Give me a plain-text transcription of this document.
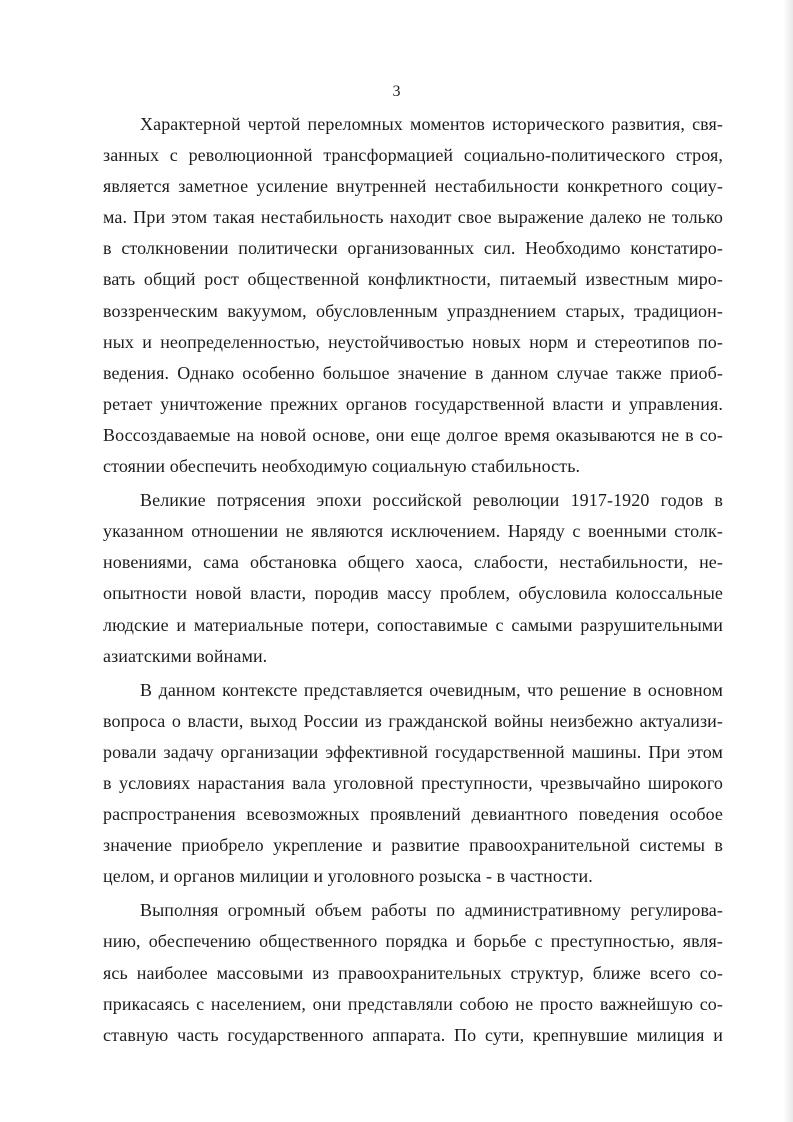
3
Характерной чертой переломных моментов исторического развития, свя-
занных с революционной трансформацией социально-политического строя,
является заметное усиление внутренней нестабильности конкретного социу-
ма. При этом такая нестабильность находит свое выражение далеко не только
в столкновении политически организованных сил. Необходимо констатиро-
вать общий рост общественной конфликтности, питаемый известным миро-
воззренческим вакуумом, обусловленным упразднением старых, традицион-
ных и неопределенностью, неустойчивостью новых норм и стереотипов по-
ведения. Однако особенно большое значение в данном случае также приоб-
ретает уничтожение прежних органов государственной власти и управления.
Воссоздаваемые на новой основе, они еще долгое время оказываются не в со-
стоянии обеспечить необходимую социальную стабильность.
Великие потрясения эпохи российской революции 1917-1920 годов в
указанном отношении не являются исключением. Наряду с военными столк-
новениями, сама обстановка общего хаоса, слабости, нестабильности, не-
опытности новой власти, породив массу проблем, обусловила колоссальные
людские и материальные потери, сопоставимые с самыми разрушительными
азиатскими войнами.
В данном контексте представляется очевидным, что решение в основном
вопроса о власти, выход России из гражданской войны неизбежно актуализи-
ровали задачу организации эффективной государственной машины. При этом
в условиях нарастания вала уголовной преступности, чрезвычайно широкого
распространения всевозможных проявлений девиантного поведения особое
значение приобрело укрепление и развитие правоохранительной системы в
целом, и органов милиции и уголовного розыска - в частности.
Выполняя огромный объем работы по административному регулирова-
нию, обеспечению общественного порядка и борьбе с преступностью, явля-
ясь наиболее массовыми из правоохранительных структур, ближе всего со-
прикасаясь с населением, они представляли собою не просто важнейшую со-
ставную часть государственного аппарата. По сути, крепнувшие милиция и
